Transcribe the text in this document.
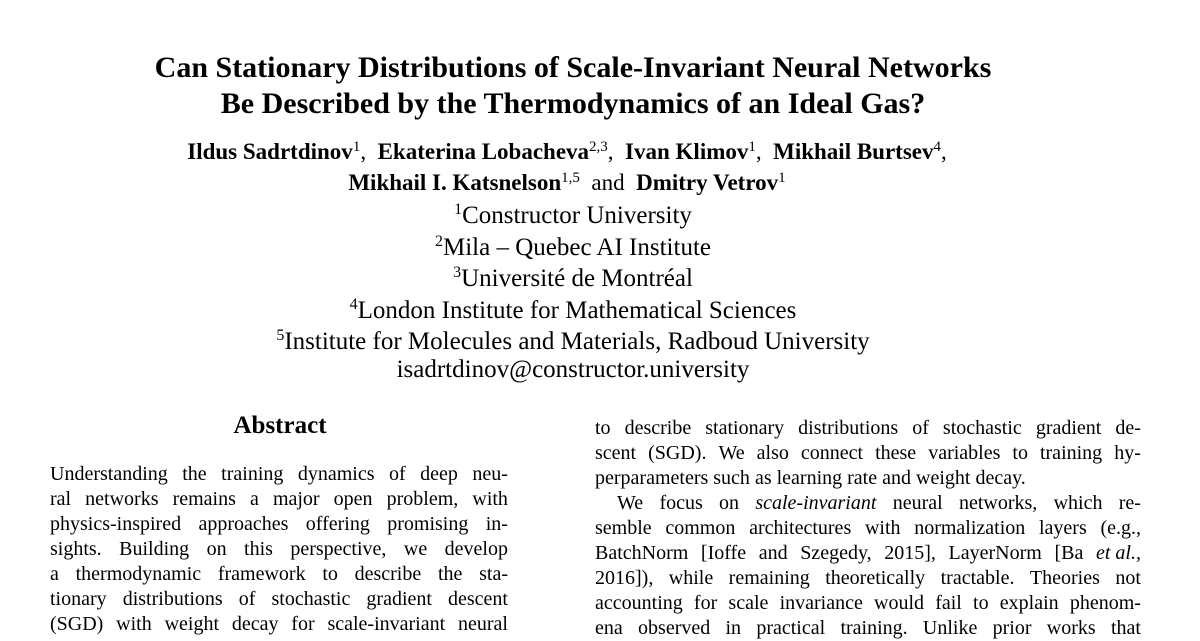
Can Stationary Distributions of Scale-Invariant Neural Networks
Be Described by the Thermodynamics of an Ideal Gas?
Ildus Sadrtdinov$^1$, Ekaterina Lobacheva$^{2,3}$, Ivan Klimov$^1$, Mikhail Burtsev$^4$,
Mikhail I. Katsnelson$^{1,5}$ and Dmitry Vetrov$^1$
$^1$Constructor University
$^2$Mila – Quebec AI Institute
$^3$Université de Montréal
$^4$London Institute for Mathematical Sciences
$^5$Institute for Molecules and Materials, Radboud University
isadrtdinov@constructor.university
Abstract
Understanding the training dynamics of deep neu-
ral networks remains a major open problem, with
physics-inspired approaches offering promising in-
sights. Building on this perspective, we develop
a thermodynamic framework to describe the sta-
tionary distributions of stochastic gradient descent
(SGD) with weight decay for scale-invariant neural
to describe stationary distributions of stochastic gradient de-
scent (SGD). We also connect these variables to training hy-
perparameters such as learning rate and weight decay.
We focus on scale-invariant neural networks, which re-
semble common architectures with normalization layers (e.g.,
BatchNorm [Ioffe and Szegedy, 2015], LayerNorm [Ba et al.,
2016]), while remaining theoretically tractable. Theories not
accounting for scale invariance would fail to explain phenom-
ena observed in practical training. Unlike prior works that
